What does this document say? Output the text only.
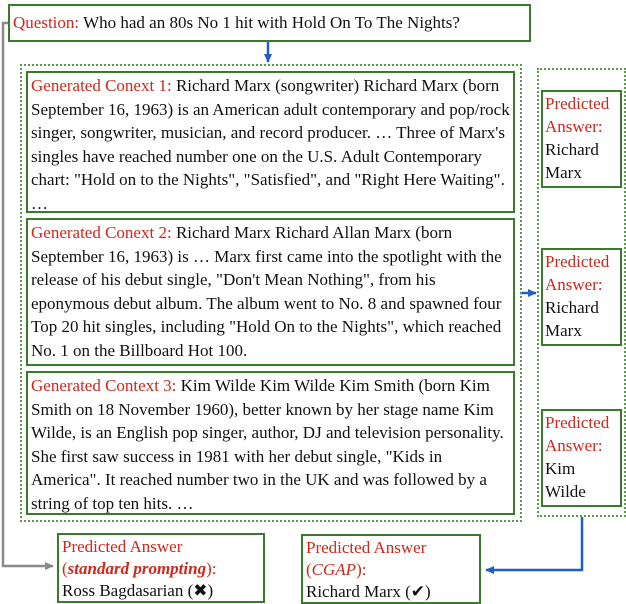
Question: Who had an 80s No 1 hit with Hold On To The Nights?
Generated Conext 1: Richard Marx (songwriter) Richard Marx (born September 16, 1963) is an American adult contemporary and pop/rock singer, songwriter, musician, and record producer. … Three of Marx's singles have reached number one on the U.S. Adult Contemporary chart: "Hold on to the Nights", "Satisfied", and "Right Here Waiting". …
Generated Conext 2: Richard Marx Richard Allan Marx (born September 16, 1963) is … Marx first came into the spotlight with the release of his debut single, "Don't Mean Nothing", from his eponymous debut album. The album went to No. 8 and spawned four Top 20 hit singles, including "Hold On to the Nights", which reached No. 1 on the Billboard Hot 100.
Generated Context 3: Kim Wilde Kim Wilde Kim Smith (born Kim Smith on 18 November 1960), better known by her stage name Kim Wilde, is an English pop singer, author, DJ and television personality. She first saw success in 1981 with her debut single, "Kids in America". It reached number two in the UK and was followed by a string of top ten hits. …
Predicted Answer: Richard Marx
Predicted Answer: Richard Marx
Predicted Answer: Kim Wilde
Predicted Answer
(standard prompting):
Ross Bagdasarian (✖)
Predicted Answer
(CGAP):
Richard Marx (✔)
